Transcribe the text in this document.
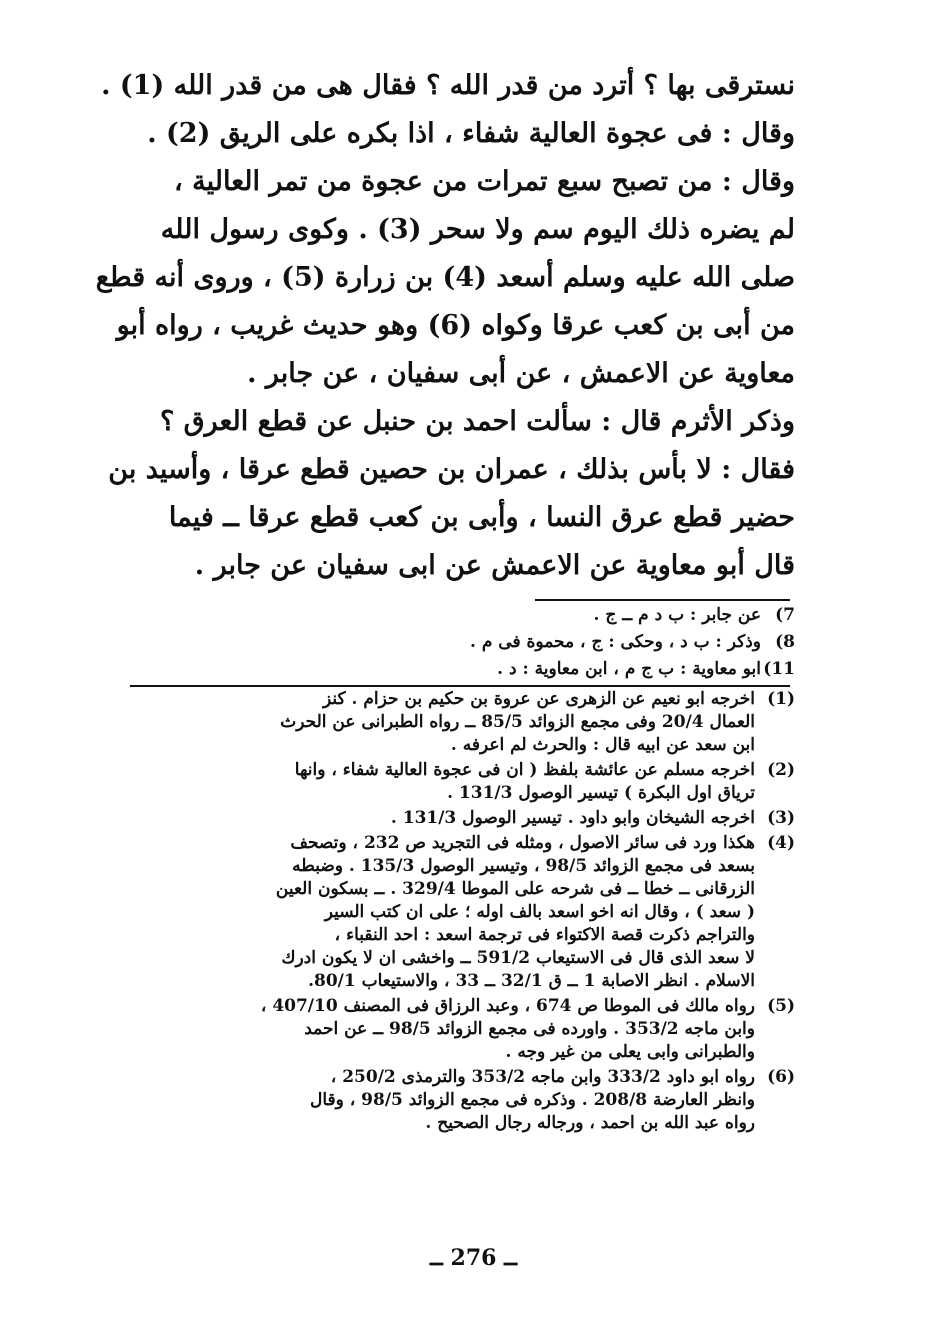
نسترقى بها ؟ أترد من قدر الله ؟ فقال هى من قدر الله (1) .
وقال : فى عجوة العالية شفاء ، اذا بكره على الريق (2) .
وقال : من تصبح سبع تمرات من عجوة من تمر العالية ،
لم يضره ذلك اليوم سم ولا سحر (3) . وكوى رسول الله
صلى الله عليه وسلم أسعد (4) بن زرارة (5) ، وروى أنه قطع
من أبى بن كعب عرقا وكواه (6) وهو حديث غريب ، رواه أبو
معاوية عن الاعمش ، عن أبى سفيان ، عن جابر .
وذكر الأثرم قال : سألت احمد بن حنبل عن قطع العرق ؟
فقال : لا بأس بذلك ، عمران بن حصين قطع عرقا ، وأسيد بن
حضير قطع عرق النسا ، وأبى بن كعب قطع عرقا ــ فيما
قال أبو معاوية عن الاعمش عن ابى سفيان عن جابر .
(7
عن جابر : ب د م ــ ج .
(8
وذكر : ب د ، وحكى : ج ، محموة فى م .
(11
ابو معاوية : ب ج م ، ابن معاوية : د .
(1)
اخرجه ابو نعيم عن الزهرى عن عروة بن حكيم بن حزام . كنز
العمال 20/4 وفى مجمع الزوائد 85/5 ــ رواه الطبرانى عن الحرث
ابن سعد عن ابيه قال : والحرث لم اعرفه .
(2)
اخرجه مسلم عن عائشة بلفظ ( ان فى عجوة العالية شفاء ، وانها
ترياق اول البكرة ) تيسير الوصول 131/3 .
(3)
اخرجه الشيخان وابو داود . تيسير الوصول 131/3 .
(4)
هكذا ورد فى سائر الاصول ، ومثله فى التجريد ص 232 ، وتصحف
بسعد فى مجمع الزوائد 98/5 ، وتيسير الوصول 135/3 . وضبطه
الزرقانى ــ خطا ــ فى شرحه على الموطا 329/4 . ــ بسكون العين
( سعد ) ، وقال انه اخو اسعد بالف اوله ؛ على ان كتب السير
والتراجم ذكرت قصة الاكتواء فى ترجمة اسعد : احد النقباء ،
لا سعد الذى قال فى الاستيعاب 591/2 ــ واخشى ان لا يكون ادرك
الاسلام . انظر الاصابة 1 ــ ق 32/1 ــ 33 ، والاستيعاب 80/1.
(5)
رواه مالك فى الموطا ص 674 ، وعبد الرزاق فى المصنف 407/10 ،
وابن ماجه 353/2 . واورده فى مجمع الزوائد 98/5 ــ عن احمد
والطبرانى وابى يعلى من غير وجه .
(6)
رواه ابو داود 333/2 وابن ماجه 353/2 والترمذى 250/2 ،
وانظر العارضة 208/8 . وذكره فى مجمع الزوائد 98/5 ، وقال
رواه عبد الله بن احمد ، ورجاله رجال الصحيح .
ــ 276 ــ
